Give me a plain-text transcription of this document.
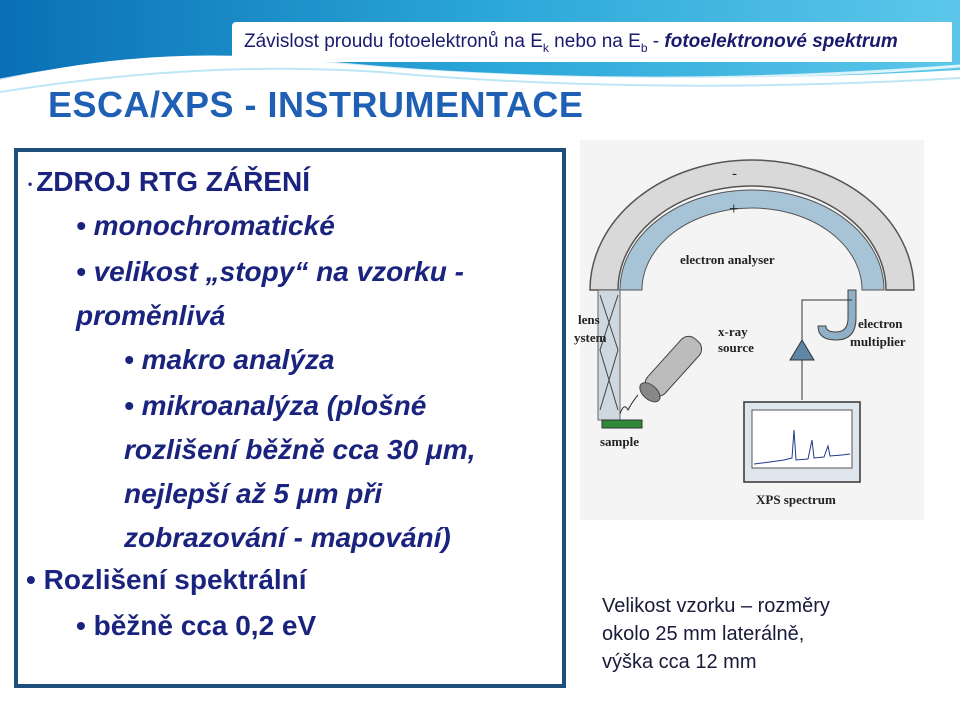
Závislost proudu fotoelektronů na $E_k$ nebo na $E_b$ - fotoelektronové spektrum
ESCA/XPS - INSTRUMENTACE
• ZDROJ RTG ZÁŘENÍ
• monochromatické
• velikost „stopy“ na vzorku -
proměnlivá
• makro analýza
• mikroanalýza (plošné
rozlišení běžně cca 30 μm,
nejlepší až 5 μm při
zobrazování - mapování)
• Rozlišení spektrální
• běžně cca 0,2 eV
-
+
electron analyser
lens
ystem
electron
multiplier
x-ray
source
sample
XPS spectrum
Velikost vzorku – rozměry
okolo 25 mm laterálně,
výška cca 12 mm
